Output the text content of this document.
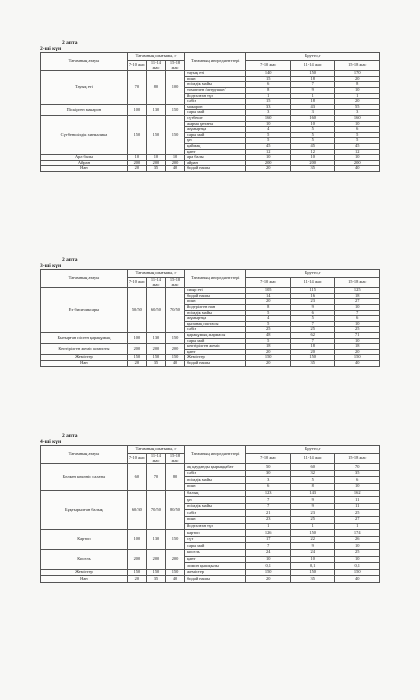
2 апта
2-ші күн
Тағамның атауы	Тағамның шығымы, г			Тағамның ингредиенттері	Брутто,г		
	7-10 жас	11-14 жас	15-18 жас		7-10 жас	11-14 жас	15-18 жас
Тауық еті	70	80	100	тауық еті	140	150	170
				пияз	15	18	20
				өсімдік майы	6	7	8
				томатпен /игерушке/	8	9	10
				йодталған тұз	1	1	1
				сәбіз	15	18	20
Піскірген макарон	100	130	150	макарон	33	43	55
				сары май	3	3	3
Сүтбеншілдік хинкалика	150	150	150	сүтбеше	160	160	160
				жарма ұнтағы	10	10	10
				жұмыртқа	4	5	6
				сары май	5	5	5
				ұн	5	5	5
				қаймақ	45	45	45
				қант	12	12	12
Арл балы	10	10	10	ара балы	10	10	10
Айран	200	200	200	айран	200	200	200
Нан	20	35	40	бидай нашы	20	35	40
2 апта
3-ші күн
Тағамның атауы	Тағамның шығымы, г			Тағамның ингредиенттері	Брутто,г		
	7-10 жас	11-14 жас	15-18 жас		7-10 жас	11-14 жас	15-18 жас
Ет бисичиксары	50/50	60/50	70/50	сиыр еті	105	115	125
				бидай нашы	14	16	18
				пияз	20	23	27
				йодтрілген нан	8	9	10
				өсімдік майы	5	6	7
				жұмыртқа	4	5	6
				қызанақ пастасы	5	7	10
				сәбіз	25	25	25
Бытырған пісген қарақұмық	100	130	150	қарақұмық жармасы	48	62	71
				сары май	5	7	10
Кептірілген жеміс компоты	200	200	200	кептірілген жеміс	18	18	18
				қант	20	20	20
Жемістер	150	150	150	Жемістер	150	150	150
Нан	20	35	40	бидай нашы	20	35	40
2 апта
4-ші күн
Тағамның атауы	Тағамның шығымы, г			Тағамның ингредиенттері	Брутто,г		
	7-10 жас	11-14 жас	15-18 жас		7-10 жас	11-14 жас	15-18 жас
Бөлкен көкөніс салаты	60	70	80	ақ қауданды қырыққабат	50	60	70
				сәбіз	30	32	35
				өсімдік майы	3	5	6
				пияз	6	8	10
Бұқтырылған балық	60/30	70/50	80/50	балық	123	143	162
				ұн	7	9	11
				өсімдік майы	7	9	11
				сәбіз	21	23	25
				пияз	23	25	27
				йодталған тұз	1	1	1
Картоп	100	130	150	картоп	126	150	174
				сүт	17	22	26
				сары май	7	9	10
Кисель	200	200	200	кисель	24	24	25
				қант	10	10	10
				лимон қышқылы	0,1	0,1	0,1
Жемістер	150	150	150	жемістер	150	150	150
Нан	20	35	40	бидай нашы	20	35	40
